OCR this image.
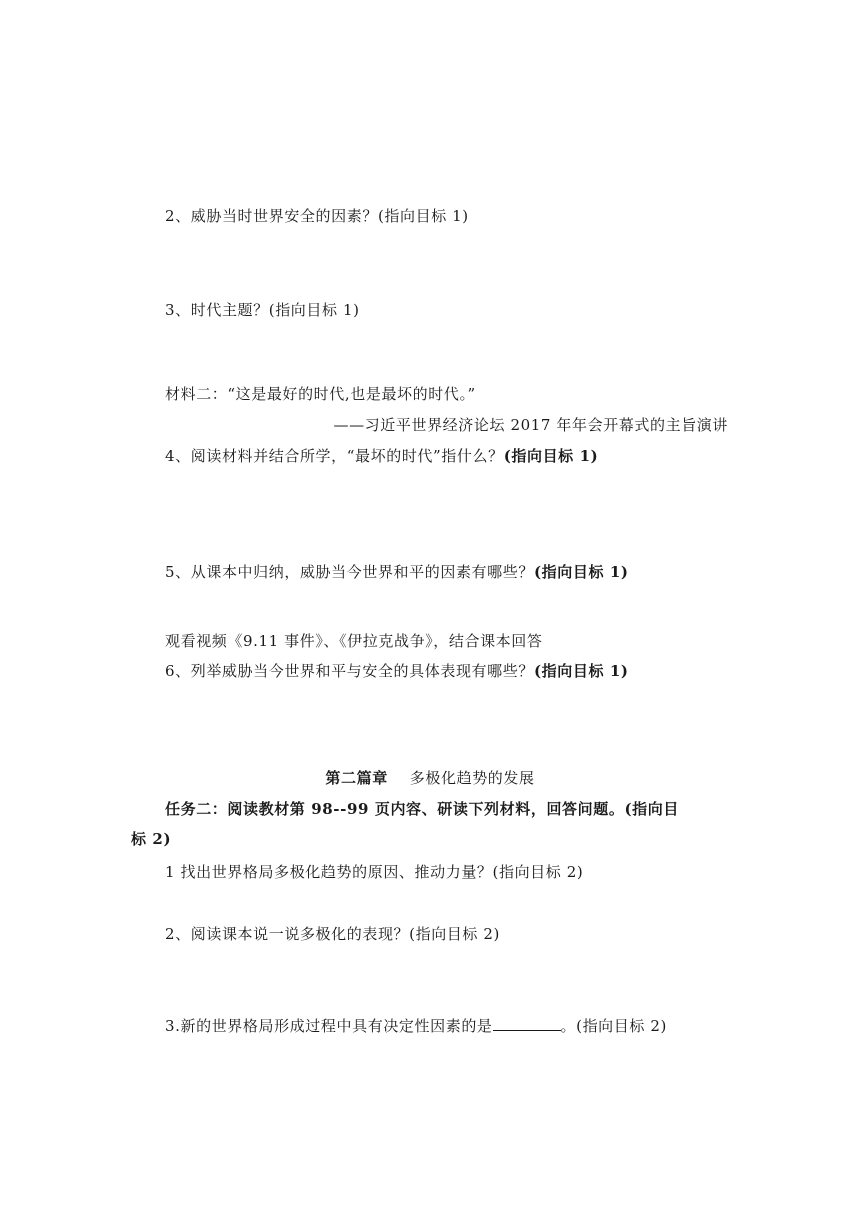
2、威胁当时世界安全的因素？(指向目标 1)
3、时代主题？(指向目标 1)
材料二：“这是最好的时代,也是最坏的时代。”
——习近平世界经济论坛 2017 年年会开幕式的主旨演讲
4、阅读材料并结合所学，“最坏的时代”指什么？(指向目标 1)
5、从课本中归纳，威胁当今世界和平的因素有哪些？(指向目标 1)
观看视频《9.11 事件》、《伊拉克战争》，结合课本回答
6、列举威胁当今世界和平与安全的具体表现有哪些？(指向目标 1)
第二篇章 多极化趋势的发展
任务二：阅读教材第 98--99 页内容、研读下列材料，回答问题。(指向目
标 2)
1 找出世界格局多极化趋势的原因、推动力量？(指向目标 2)
2、阅读课本说一说多极化的表现？(指向目标 2)
3.新的世界格局形成过程中具有决定性因素的是	。(指向目标 2)
